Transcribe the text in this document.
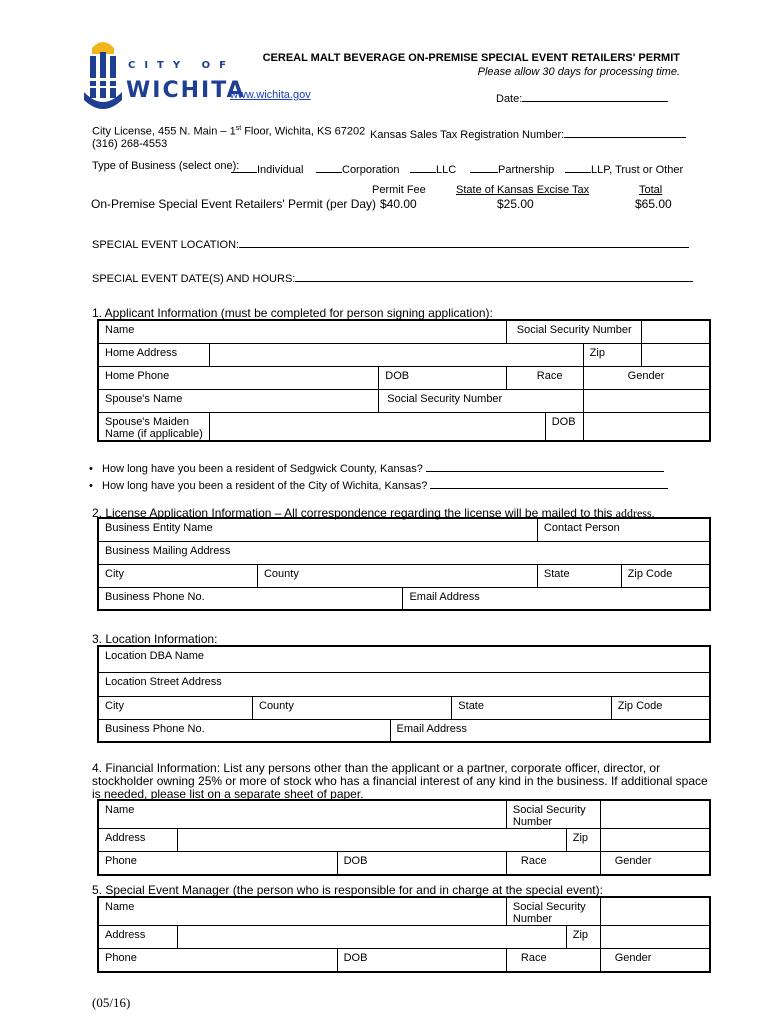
CITY OF
WICHITA
CEREAL MALT BEVERAGE ON-PREMISE SPECIAL EVENT RETAILERS' PERMIT
Please allow 30 days for processing time.
www.wichita.gov	Date:
City License, 455 N. Main – 1st Floor, Wichita, KS 67202
(316) 268-4553
Kansas Sales Tax Registration Number:
Type of Business (select one):	Individual	Corporation	LLC	Partnership	LLP, Trust or Other
Permit Fee	State of Kansas Excise Tax	Total
On-Premise Special Event Retailers' Permit (per Day) $40.00	$25.00	$65.00
SPECIAL EVENT LOCATION:
SPECIAL EVENT DATE(S) AND HOURS:
1. Applicant Information (must be completed for person signing application):
Name			Social Security Number			
Home Address					Zip	
Home Phone		DOB	Race		Gender	
Spouse's Name		Social Security Number				
Spouse's Maiden
Name (if applicable)				DOB		
• How long have you been a resident of Sedgwick County, Kansas?
• How long have you been a resident of the City of Wichita, Kansas?
2. License Application Information – All correspondence regarding the license will be mailed to this address.
Business Entity Name			Contact Person	
Business Mailing Address				
City	County		State	Zip Code
Business Phone No.		Email Address		
3. Location Information:
Location DBA Name				
Location Street Address				
City	County		State	Zip Code
Business Phone No.		Email Address		
4. Financial Information: List any persons other than the applicant or a partner, corporate officer, director, or
stockholder owning 25% or more of stock who has a financial interest of any kind in the business. If additional space
is needed, please list on a separate sheet of paper.
Name			Social Security Number		
Address				Zip	
Phone		DOB	Race		Gender
5. Special Event Manager (the person who is responsible for and in charge at the special event):
Name			Social Security Number		
Address				Zip	
Phone		DOB	Race		Gender
(05/16)
